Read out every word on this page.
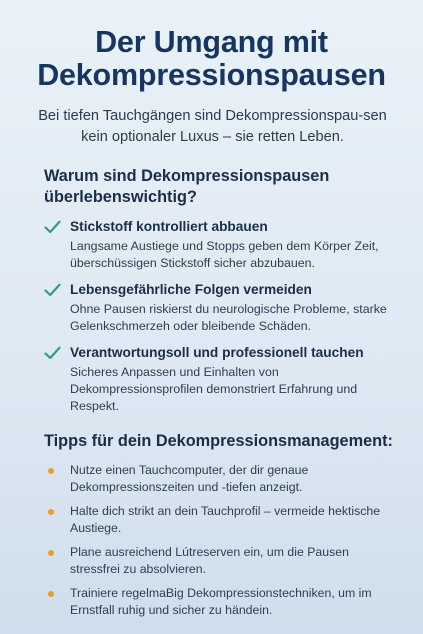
Der Umgang mit Dekompressionspausen

Bei tiefen Tauchgängen sind Dekompressionspau-sen kein optionaler Luxus – sie retten Leben.

Warum sind Dekompressionspausen überlebenswichtig?
Stickstoff kontrolliert abbauen
Langsame Austiege und Stopps geben dem Körper Zeit, überschüssigen Stickstoff sicher abzubauen.
Lebensgefährliche Folgen vermeiden
Ohne Pausen riskierst du neurologische Probleme, starke Gelenkschmerzeh oder bleibende Schäden.
Verantwortungsoll und professionell tauchen
Sicheres Anpassen und Einhalten von Dekompressionsprofilen demonstriert Erfahrung und Respekt.
Tipps für dein Dekompressionsmanagement:
Nutze einen Tauchcomputer, der dir genaue Dekompressionszeiten und -tiefen anzeigt.
Halte dich strikt an dein Tauchprofil – vermeide hektische Austiege.
Plane ausreichend Lútreserven ein, um die Pausen stressfrei zu absolvieren.
Trainiere regelmaBig Dekompressionstechniken, um im Ernstfall ruhig und sicher zu händein.
